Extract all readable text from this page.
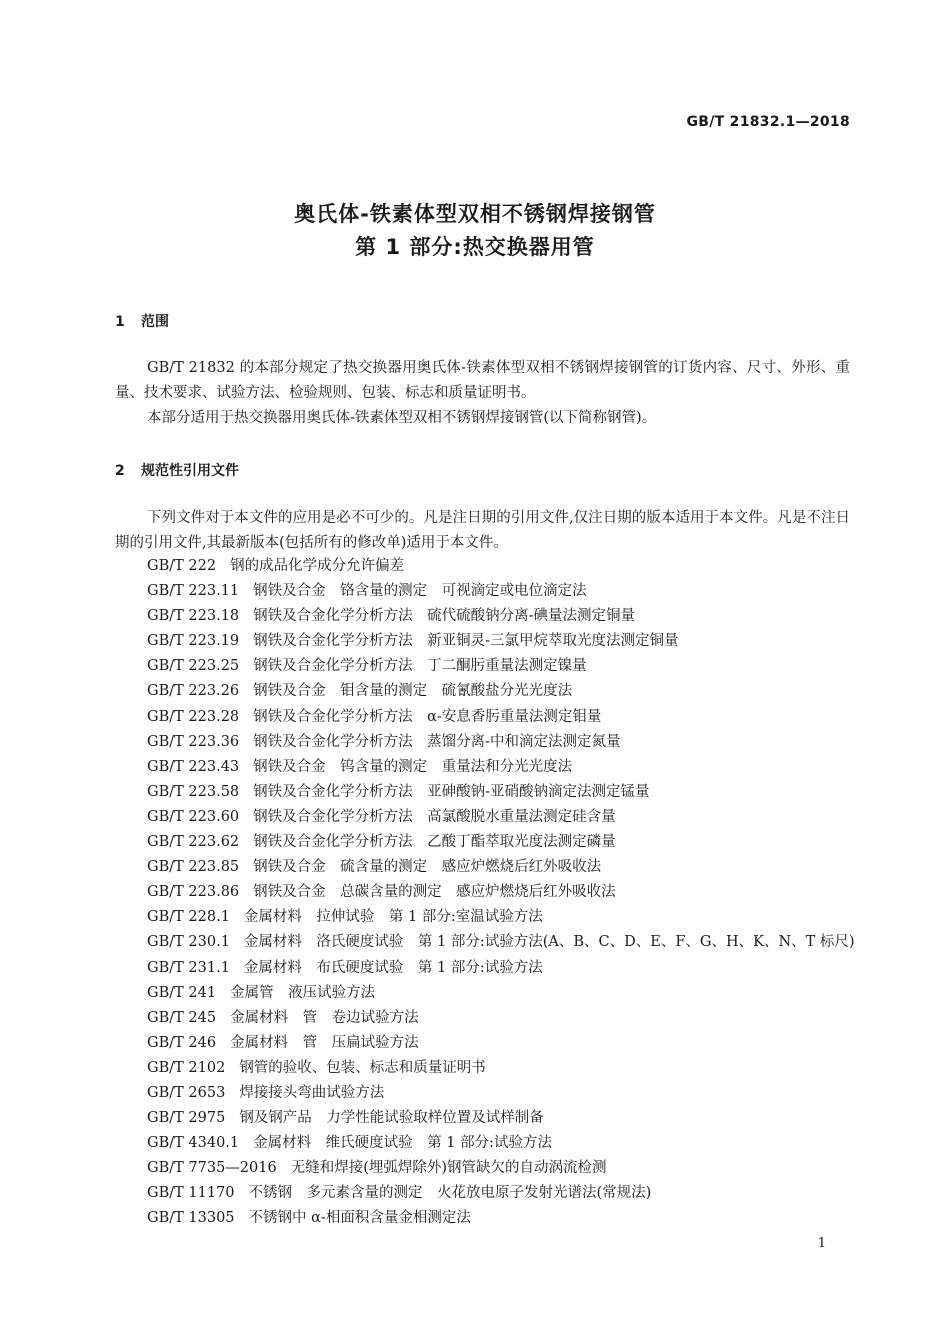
GB/T 21832.1—2018
奥氏体-铁素体型双相不锈钢焊接钢管
第 1 部分:热交换器用管
1 范围
GB/T 21832 的本部分规定了热交换器用奥氏体-铁素体型双相不锈钢焊接钢管的订货内容、尺寸、外形、重量、技术要求、试验方法、检验规则、包装、标志和质量证明书。
本部分适用于热交换器用奥氏体-铁素体型双相不锈钢焊接钢管(以下简称钢管)。
2 规范性引用文件
下列文件对于本文件的应用是必不可少的。凡是注日期的引用文件,仅注日期的版本适用于本文件。凡是不注日期的引用文件,其最新版本(包括所有的修改单)适用于本文件。
GB/T 222 钢的成品化学成分允许偏差
GB/T 223.11 钢铁及合金　铬含量的测定　可视滴定或电位滴定法
GB/T 223.18 钢铁及合金化学分析方法　硫代硫酸钠分离-碘量法测定铜量
GB/T 223.19 钢铁及合金化学分析方法　新亚铜灵-三氯甲烷萃取光度法测定铜量
GB/T 223.25 钢铁及合金化学分析方法　丁二酮肟重量法测定镍量
GB/T 223.26 钢铁及合金　钼含量的测定　硫氰酸盐分光光度法
GB/T 223.28 钢铁及合金化学分析方法　α-安息香肟重量法测定钼量
GB/T 223.36 钢铁及合金化学分析方法　蒸馏分离-中和滴定法测定氮量
GB/T 223.43 钢铁及合金　钨含量的测定　重量法和分光光度法
GB/T 223.58 钢铁及合金化学分析方法　亚砷酸钠-亚硝酸钠滴定法测定锰量
GB/T 223.60 钢铁及合金化学分析方法　高氯酸脱水重量法测定硅含量
GB/T 223.62 钢铁及合金化学分析方法　乙酸丁酯萃取光度法测定磷量
GB/T 223.85 钢铁及合金　硫含量的测定　感应炉燃烧后红外吸收法
GB/T 223.86 钢铁及合金　总碳含量的测定　感应炉燃烧后红外吸收法
GB/T 228.1 金属材料　拉伸试验　第 1 部分:室温试验方法
GB/T 230.1 金属材料　洛氏硬度试验　第 1 部分:试验方法(A、B、C、D、E、F、G、H、K、N、T 标尺)
GB/T 231.1 金属材料　布氏硬度试验　第 1 部分:试验方法
GB/T 241 金属管　液压试验方法
GB/T 245 金属材料　管　卷边试验方法
GB/T 246 金属材料　管　压扁试验方法
GB/T 2102 钢管的验收、包装、标志和质量证明书
GB/T 2653 焊接接头弯曲试验方法
GB/T 2975 钢及钢产品　力学性能试验取样位置及试样制备
GB/T 4340.1 金属材料　维氏硬度试验　第 1 部分:试验方法
GB/T 7735—2016 无缝和焊接(埋弧焊除外)钢管缺欠的自动涡流检测
GB/T 11170 不锈钢　多元素含量的测定　火花放电原子发射光谱法(常规法)
GB/T 13305 不锈钢中 α-相面积含量金相测定法
1
